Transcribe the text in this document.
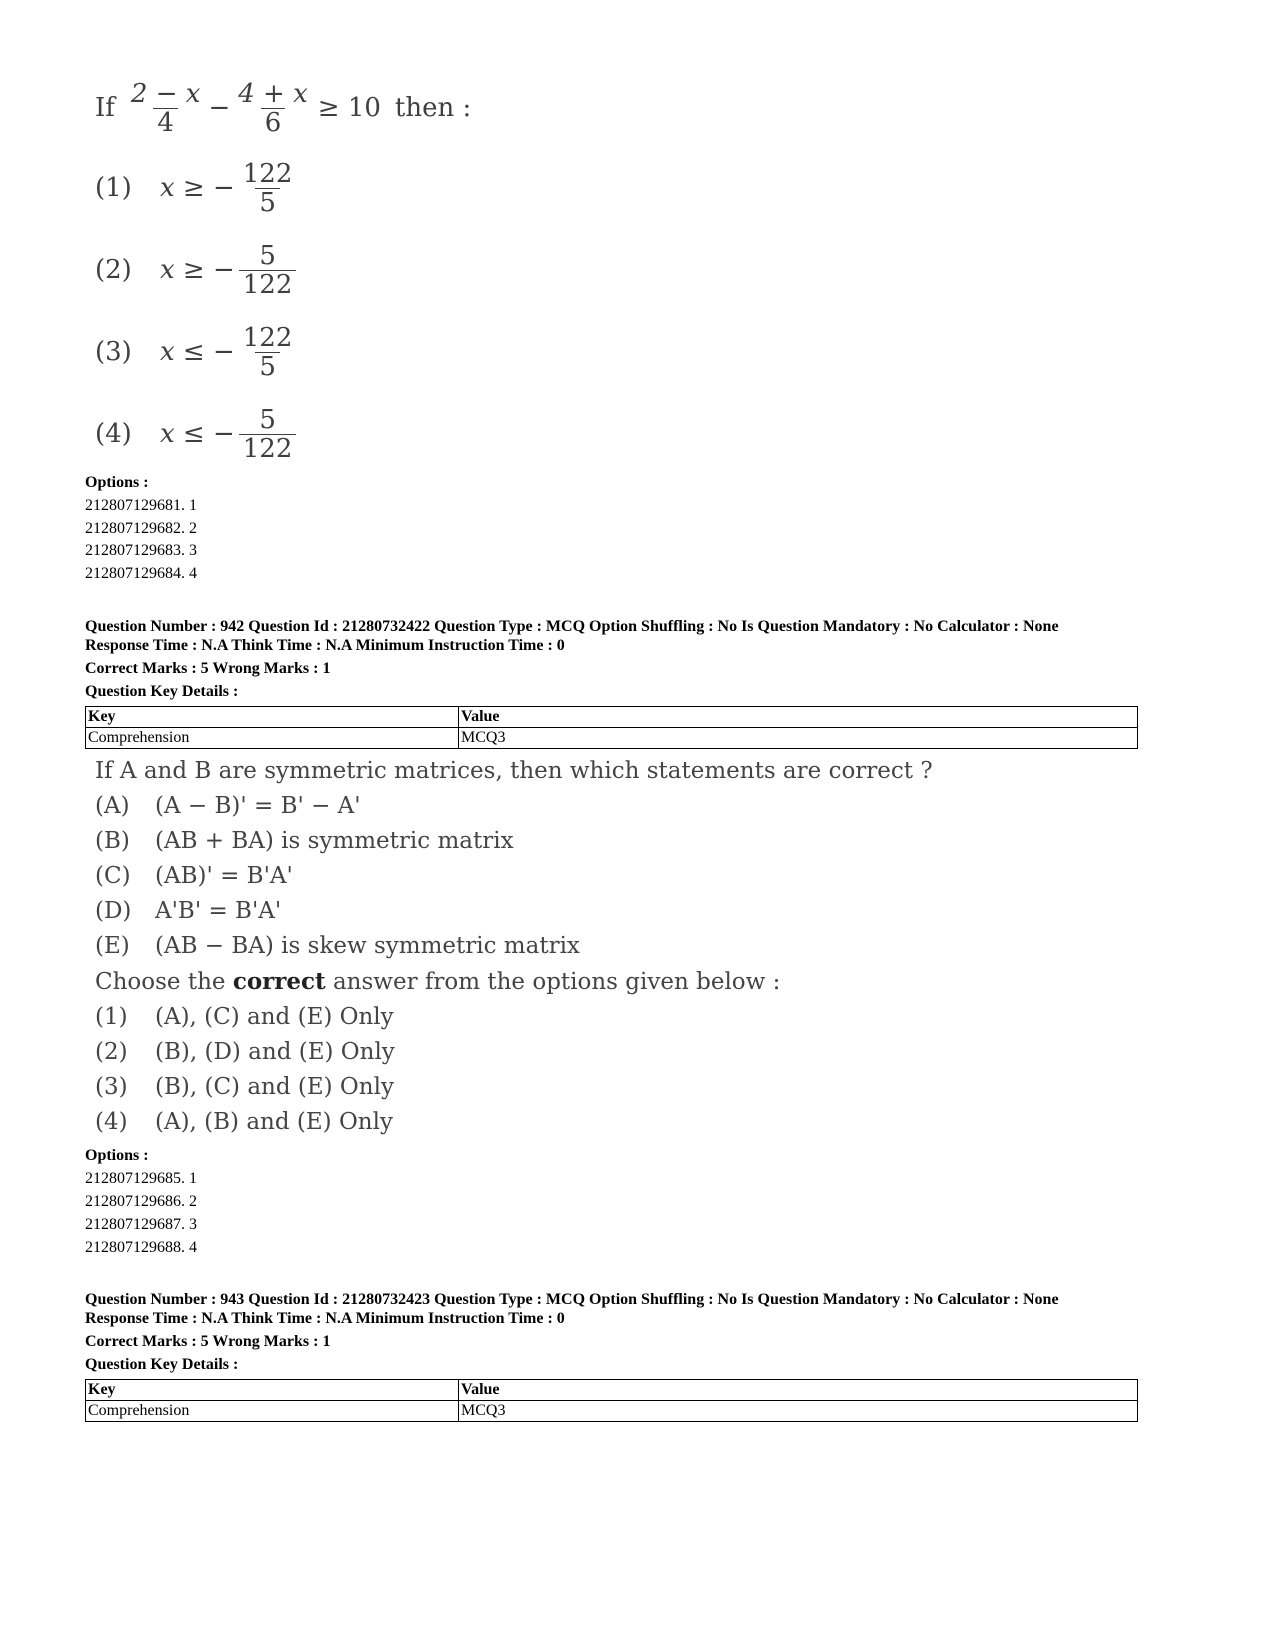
If $\frac{2 - x}{4} - \frac{4 + x}{6} \ge 10$ then :
(1)	x ≥ − $\frac{122}{5}$
(2)	x ≥ − $\frac{5}{122}$
(3)	x ≤ − $\frac{122}{5}$
(4)	x ≤ − $\frac{5}{122}$
Options :
212807129681. 1
212807129682. 2
212807129683. 3
212807129684. 4
Question Number : 942 Question Id : 21280732422 Question Type : MCQ Option Shuffling : No Is Question Mandatory : No Calculator : None
Response Time : N.A Think Time : N.A Minimum Instruction Time : 0
Correct Marks : 5 Wrong Marks : 1
Question Key Details :
Key	Value
Comprehension	MCQ3
If A and B are symmetric matrices, then which statements are correct ?
(A) (A − B)' = B' − A'
(B) (AB + BA) is symmetric matrix
(C) (AB)' = B'A'
(D) A'B' = B'A'
(E) (AB − BA) is skew symmetric matrix
Choose the correct answer from the options given below :
(1) (A), (C) and (E) Only
(2) (B), (D) and (E) Only
(3) (B), (C) and (E) Only
(4) (A), (B) and (E) Only
Options :
212807129685. 1
212807129686. 2
212807129687. 3
212807129688. 4
Question Number : 943 Question Id : 21280732423 Question Type : MCQ Option Shuffling : No Is Question Mandatory : No Calculator : None
Response Time : N.A Think Time : N.A Minimum Instruction Time : 0
Correct Marks : 5 Wrong Marks : 1
Question Key Details :
Key	Value
Comprehension	MCQ3
